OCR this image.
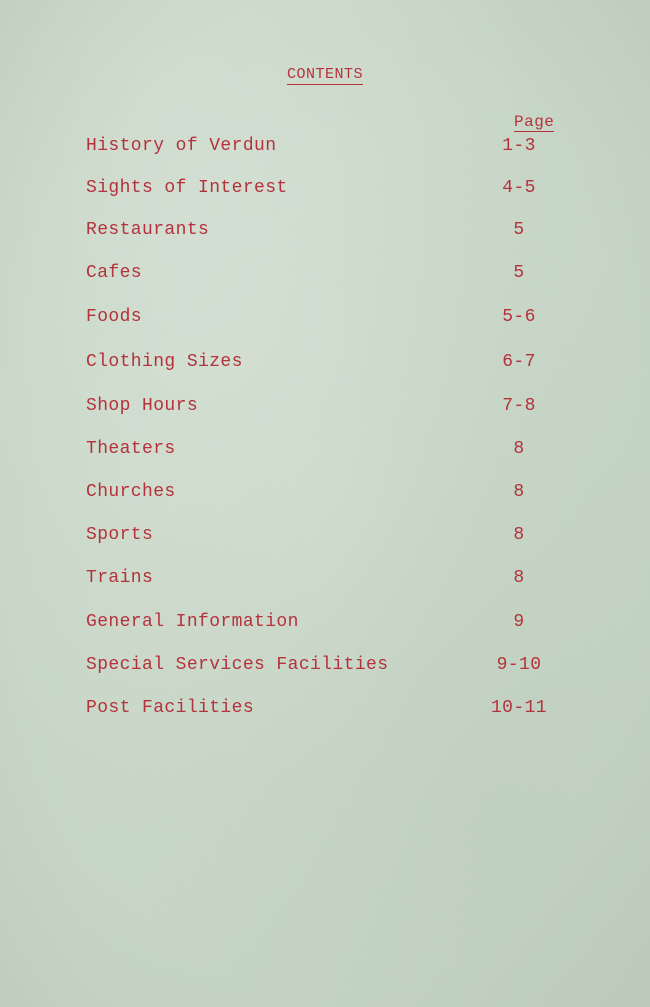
CONTENTS
Page
History of Verdun	1-3
Sights of Interest	4-5
Restaurants	5
Cafes	5
Foods	5-6
Clothing Sizes	6-7
Shop Hours	7-8
Theaters	8
Churches	8
Sports	8
Trains	8
General Information	9
Special Services Facilities	9-10
Post Facilities	10-11
